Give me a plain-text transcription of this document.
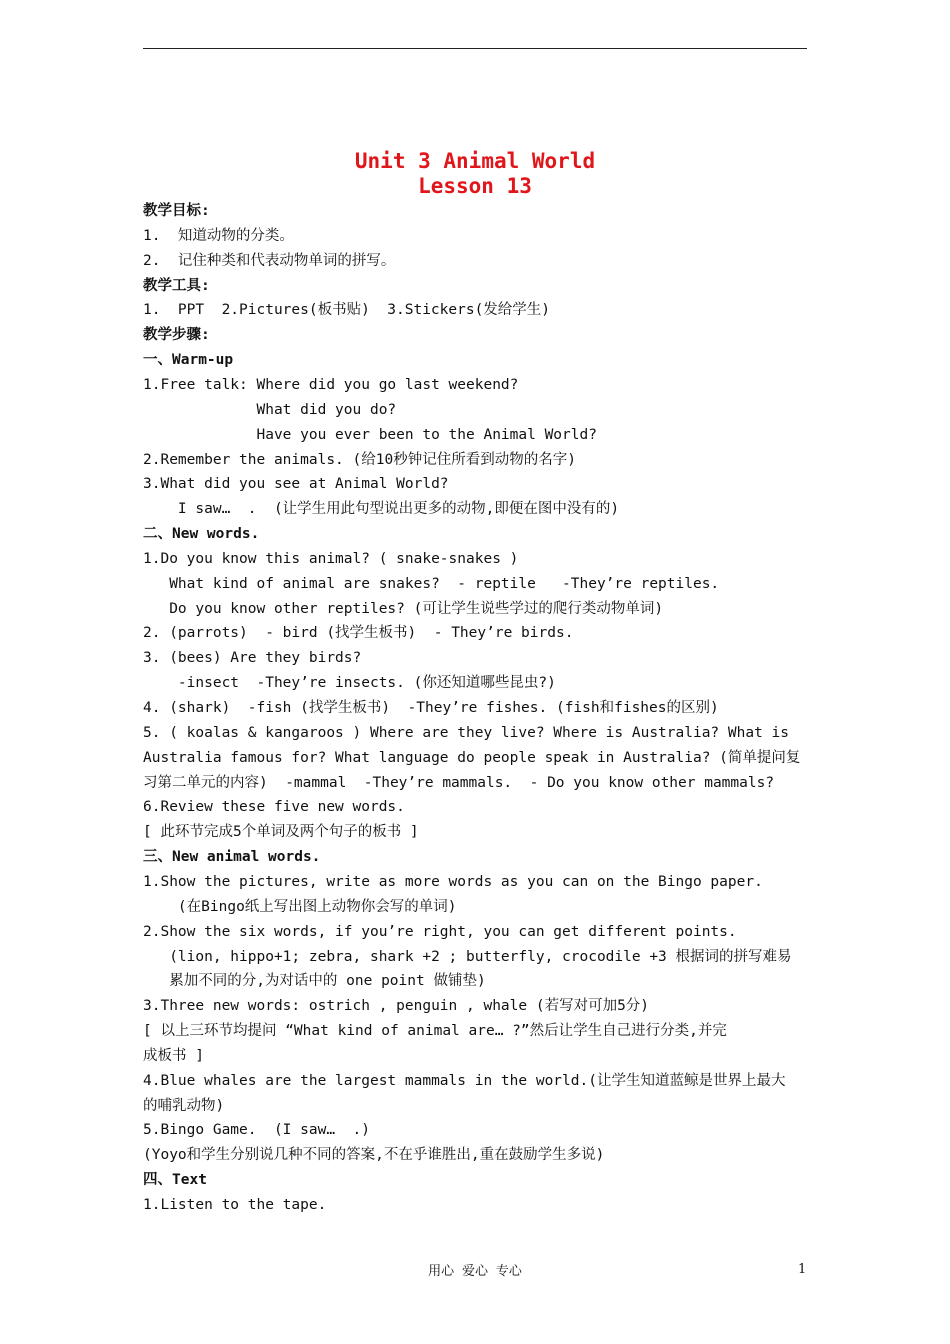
Unit 3 Animal World
Lesson 13
教学目标:
1.  知道动物的分类。
2.  记住种类和代表动物单词的拼写。
教学工具:
1.  PPT  2.Pictures(板书贴)  3.Stickers(发给学生)
教学步骤:
一、Warm-up
1.Free talk: Where did you go last weekend?
What did you do?
Have you ever been to the Animal World?
2.Remember the animals. (给10秒钟记住所看到动物的名字)
3.What did you see at Animal World?
I saw…  .  (让学生用此句型说出更多的动物,即便在图中没有的)
二、New words.
1.Do you know this animal? ( snake-snakes )
What kind of animal are snakes?  - reptile   -They’re reptiles.
Do you know other reptiles? (可让学生说些学过的爬行类动物单词)
2. (parrots)  - bird (找学生板书)  - They’re birds.
3. (bees) Are they birds?
-insect  -They’re insects. (你还知道哪些昆虫?)
4. (shark)  -fish (找学生板书)  -They’re fishes. (fish和fishes的区别)
5. ( koalas & kangaroos ) Where are they live? Where is Australia? What is
Australia famous for? What language do people speak in Australia? (简单提问复
习第二单元的内容)  -mammal  -They’re mammals.  - Do you know other mammals?
6.Review these five new words.
[ 此环节完成5个单词及两个句子的板书 ]
三、New animal words.
1.Show the pictures, write as more words as you can on the Bingo paper.
(在Bingo纸上写出图上动物你会写的单词)
2.Show the six words, if you’re right, you can get different points.
(lion, hippo+1; zebra, shark +2 ; butterfly, crocodile +3 根据词的拼写难易
累加不同的分,为对话中的 one point 做铺垫)
3.Three new words: ostrich , penguin , whale (若写对可加5分)
[ 以上三环节均提问 “What kind of animal are… ?”然后让学生自己进行分类,并完
成板书 ]
4.Blue whales are the largest mammals in the world.(让学生知道蓝鲸是世界上最大
的哺乳动物)
5.Bingo Game.  (I saw…  .)
(Yoyo和学生分别说几种不同的答案,不在乎谁胜出,重在鼓励学生多说)
四、Text
1.Listen to the tape.
用心 爱心 专心	1
